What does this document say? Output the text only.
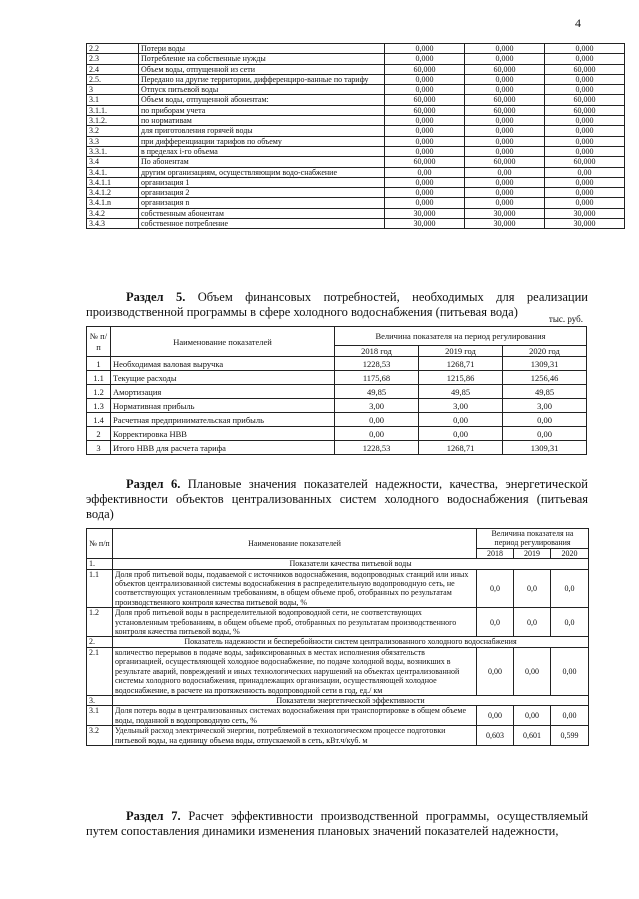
4
2.2	Потери воды	0,000	0,000	0,000
2.3	Потребление на собственные нужды	0,000	0,000	0,000
2.4	Объем воды, отпущенной из сети	60,000	60,000	60,000
2.5.	Передано на другие территории, дифференциро-ванные по тарифу	0,000	0,000	0,000
3	Отпуск питьевой воды	0,000	0,000	0,000
3.1	Объем воды, отпущенной абонентам:	60,000	60,000	60,000
3.1.1.	по приборам учета	60,000	60,000	60,000
3.1.2.	по нормативам	0,000	0,000	0,000
3.2	для приготовления горячей воды	0,000	0,000	0,000
3.3	при дифференциации тарифов по объему	0,000	0,000	0,000
3.3.1.	в пределах i-го объема	0,000	0,000	0,000
3.4	По абонентам	60,000	60,000	60,000
3.4.1.	другим организациям, осуществляющим водо-снабжение	0,00	0,00	0,00
3.4.1.1	организация 1	0,000	0,000	0,000
3.4.1.2	организация 2	0,000	0,000	0,000
3.4.1.n	организация n	0,000	0,000	0,000
3.4.2	собственным абонентам	30,000	30,000	30,000
3.4.3	собственное потребление	30,000	30,000	30,000
Раздел 5. Объем финансовых потребностей, необходимых для реализации производственной программы в сфере холодного водоснабжения (питьевая вода)	тыс. руб.
№ п/п	Наименование показателей	Величина показателя на период регулирования		
		2018 год	2019 год	2020 год
1	Необходимая валовая выручка	1228,53	1268,71	1309,31
1.1	Текущие расходы	1175,68	1215,86	1256,46
1.2	Амортизация	49,85	49,85	49,85
1.3	Нормативная прибыль	3,00	3,00	3,00
1.4	Расчетная предпринимательская прибыль	0,00	0,00	0,00
2	Корректировка НВВ	0,00	0,00	0,00
3	Итого НВВ для расчета тарифа	1228,53	1268,71	1309,31
Раздел 6. Плановые значения показателей надежности, качества, энергетической эффективности объектов централизованных систем холодного водоснабжения (питьевая вода)
№ п/п	Наименование показателей	Величина показателя на период регулирования		
		2018	2019	2020
1.	Показатели качества питьевой воды			
1.1	Доля проб питьевой воды, подаваемой с источников водоснабжения, водопроводных станций или иных объектов централизованной системы водоснабжения в распределительную водопроводную сеть, не соответствующих установленным требованиям, в общем объеме проб, отобранных по результатам производственного контроля качества питьевой воды, %	0,0	0,0	0,0
1.2	Доля проб питьевой воды в распределительной водопроводной сети, не соответствующих установленным требованиям, в общем объеме проб, отобранных по результатам производственного контроля качества питьевой воды, %	0,0	0,0	0,0
2.	Показатель надежности и бесперебойности систем централизованного холодного водоснабжения			
2.1	количество перерывов в подаче воды, зафиксированных в местах исполнения обязательств организацией, осуществляющей холодное водоснабжение, по подаче холодной воды, возникших в результате аварий, повреждений и иных технологических нарушений на объектах централизованной системы холодного водоснабжения, принадлежащих организации, осуществляющей холодное водоснабжение, в расчете на протяженность водопроводной сети в год, ед./ км	0,00	0,00	0,00
3.	Показатели энергетической эффективности			
3.1	Доля потерь воды в централизованных системах водоснабжения при транспортировке в общем объеме воды, поданной в водопроводную сеть, %	0,00	0,00	0,00
3.2	Удельный расход электрической энергии, потребляемой в технологическом процессе подготовки питьевой воды, на единицу объема воды, отпускаемой в сеть, кВт.ч/куб. м	0,603	0,601	0,599
Раздел 7. Расчет эффективности производственной программы, осуществляемый путем сопоставления динамики изменения плановых значений показателей надежности,
